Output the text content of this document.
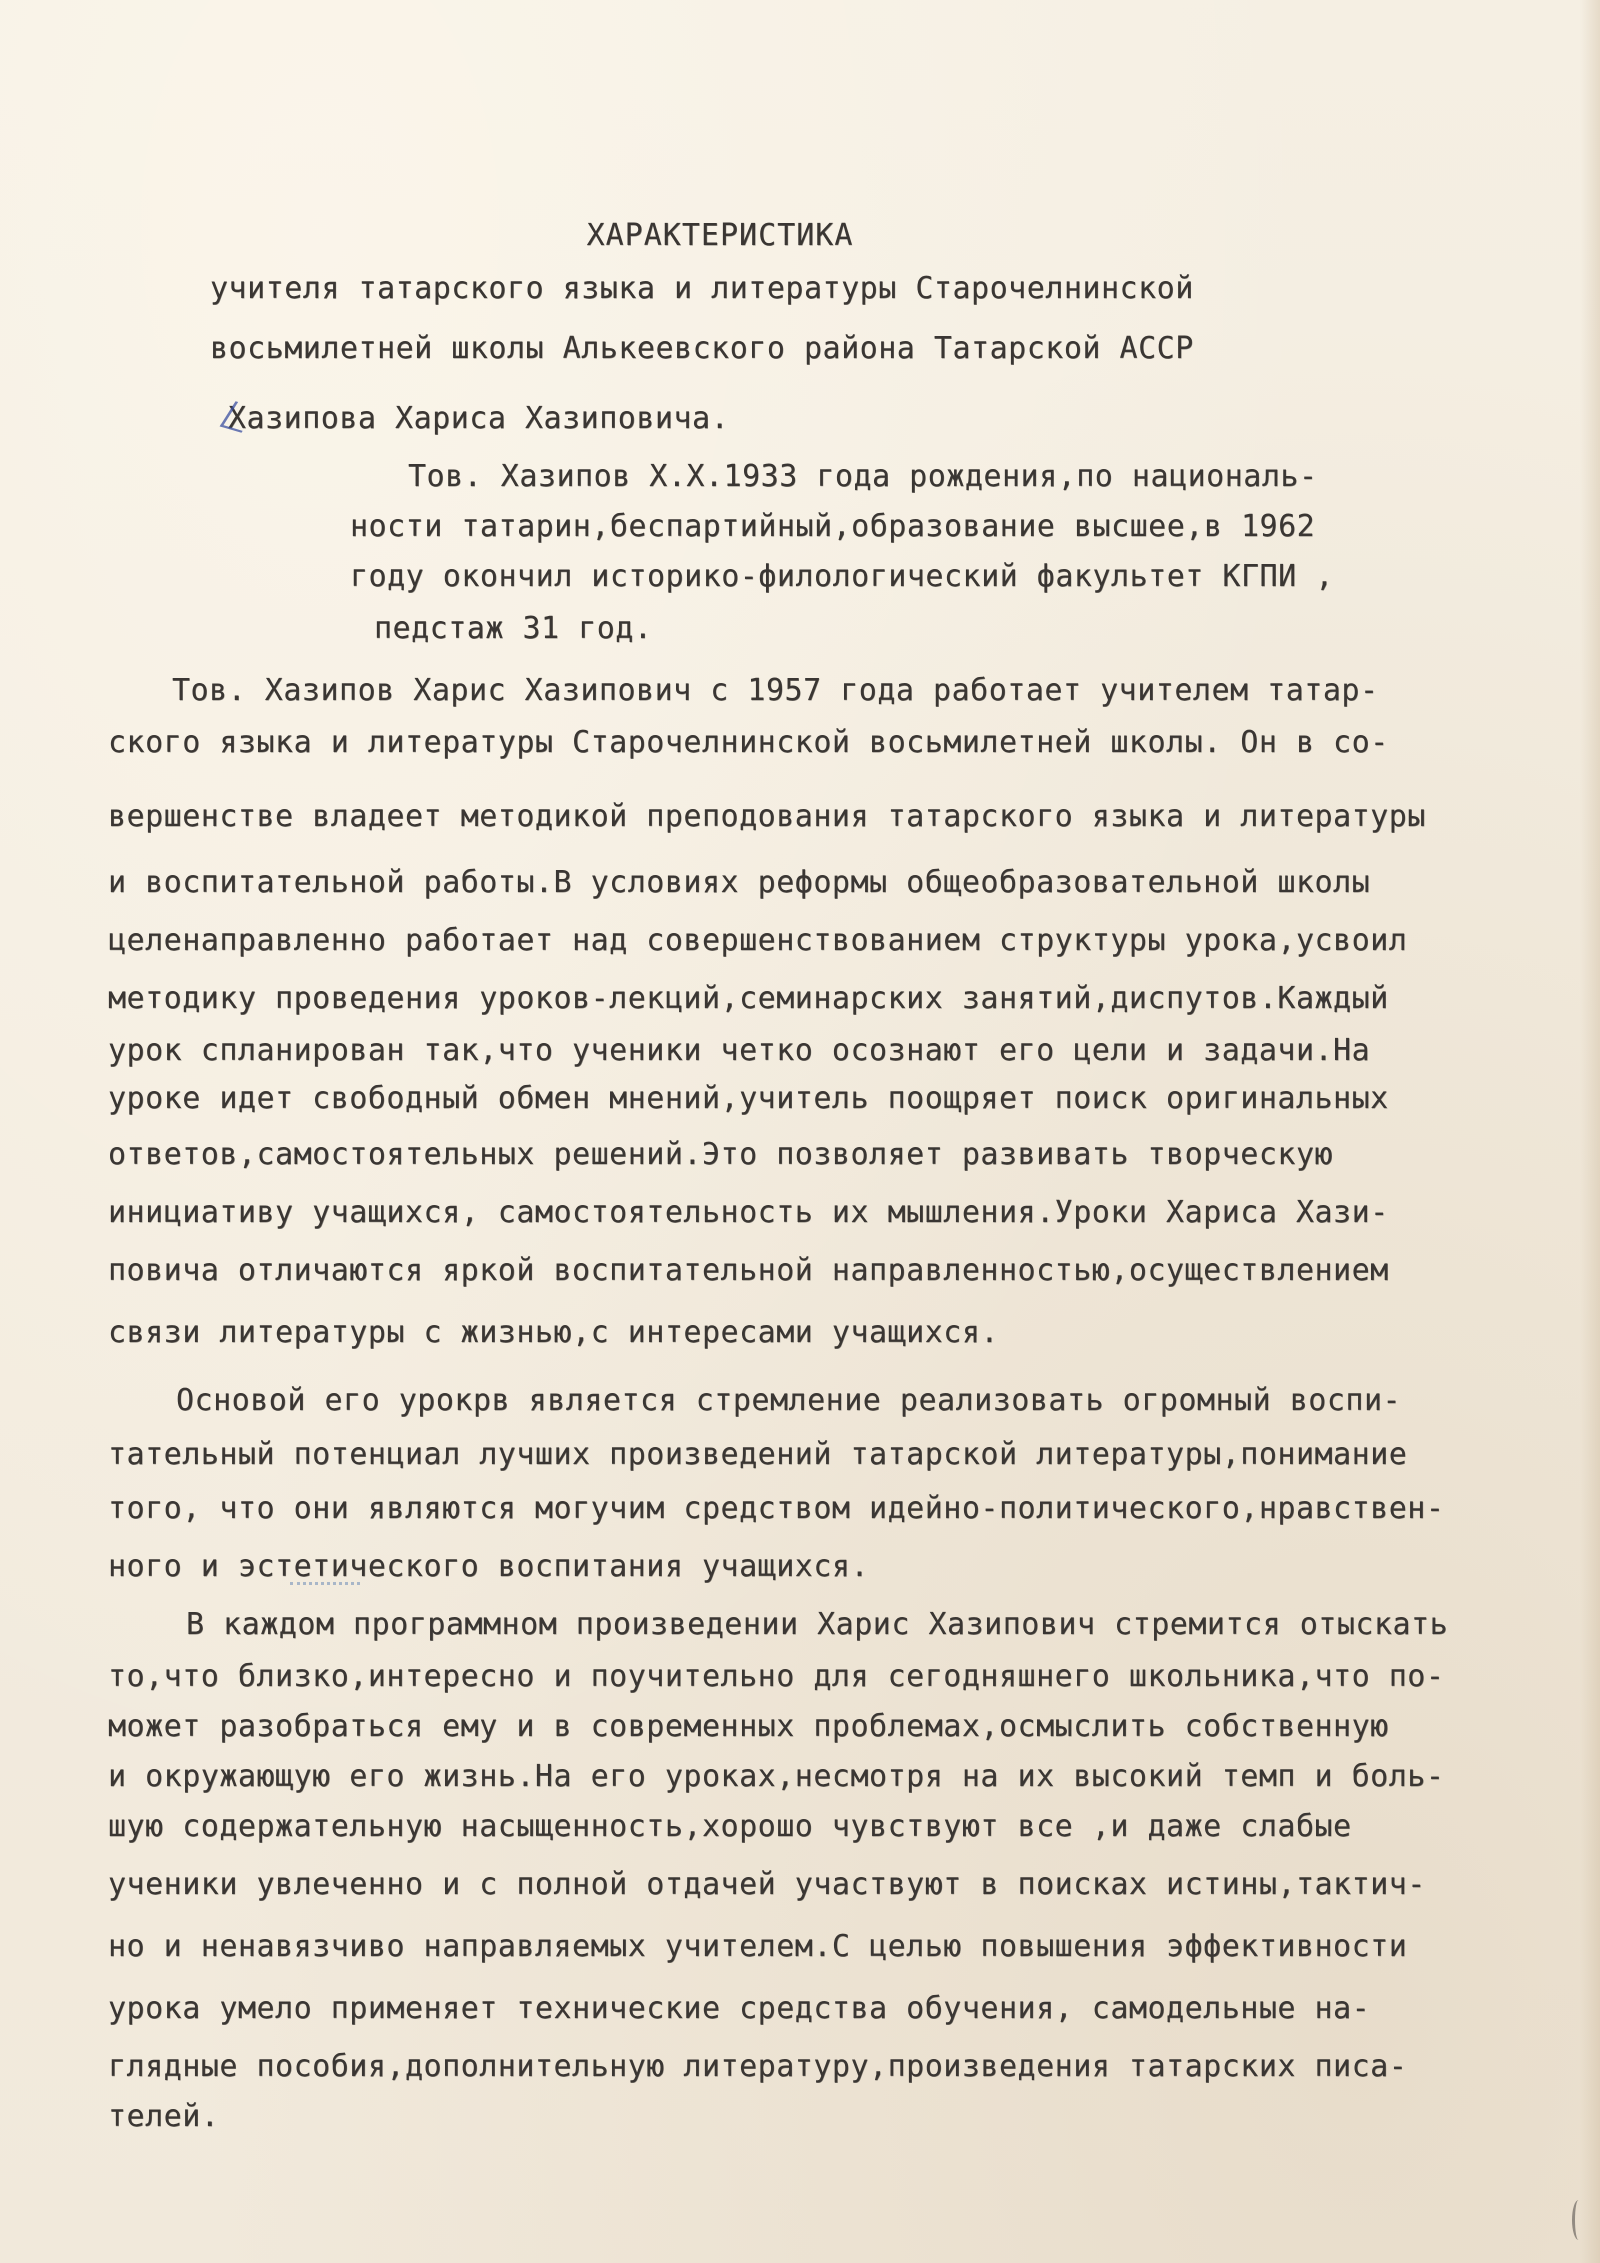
ХАРАКТЕРИСТИКА
учителя татарского языка и литературы Старочелнинской
восьмилетней школы Алькеевского района Татарской АССР
Хазипова Хариса Хазиповича.
Тов. Хазипов Х.Х.1933 года рождения,по националь-
ности татарин,беспартийный,образование высшее,в 1962
году окончил историко-филологический факультет КГПИ ,
педстаж 31 год.
Тов. Хазипов Харис Хазипович с 1957 года работает учителем татар-
ского языка и литературы Старочелнинской восьмилетней школы. Он в со-
вершенстве владеет методикой преподования татарского языка и литературы
и воспитательной работы.В условиях реформы общеобразовательной школы
целенаправленно работает над совершенствованием структуры урока,усвоил
методику проведения уроков-лекций,семинарских занятий,диспутов.Каждый
урок спланирован так,что ученики четко осознают его цели и задачи.На
уроке идет свободный обмен мнений,учитель поощряет поиск оригинальных
ответов,самостоятельных решений.Это позволяет развивать творческую
инициативу учащихся, самостоятельность их мышления.Уроки Хариса Хази-
повича отличаются яркой воспитательной направленностью,осуществлением
связи литературы с жизнью,с интересами учащихся.
Основой его урокрв является стремление реализовать огромный воспи-
тательный потенциал лучших произведений татарской литературы,понимание
того, что они являются могучим средством идейно-политического,нравствен-
ного и эстетического воспитания учащихся.
В каждом программном произведении Харис Хазипович стремится отыскать
то,что близко,интересно и поучительно для сегодняшнего школьника,что по-
может разобраться ему и в современных проблемах,осмыслить собственную
и окружающую его жизнь.На его уроках,несмотря на их высокий темп и боль-
шую содержательную насыщенность,хорошо чувствуют все ,и даже слабые
ученики увлеченно и с полной отдачей участвуют в поисках истины,тактич-
но и ненавязчиво направляемых учителем.С целью повышения эффективности
урока умело применяет технические средства обучения, самодельные на-
глядные пособия,дополнительную литературу,произведения татарских писа-
телей.
